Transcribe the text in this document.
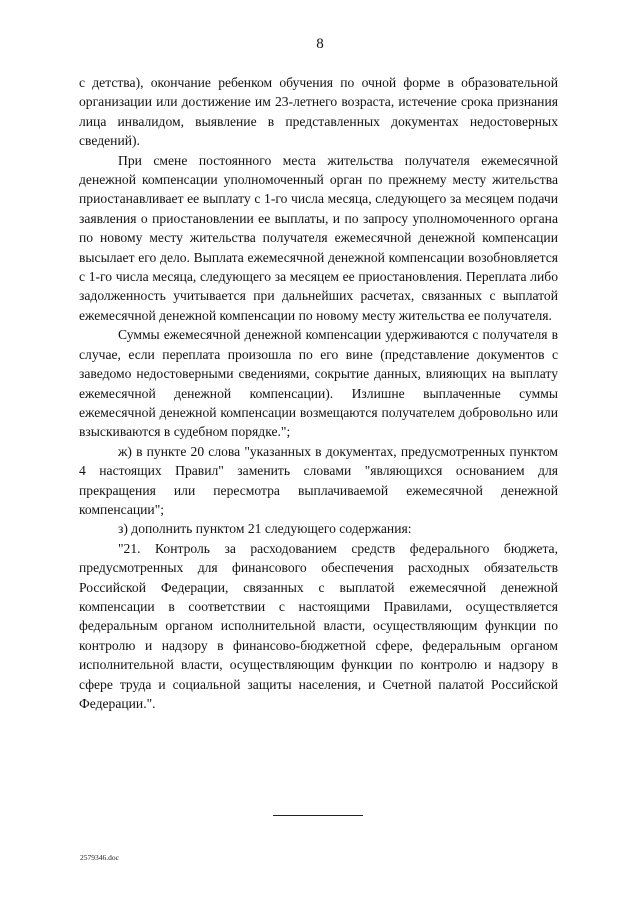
8

с детства), окончание ребенком обучения по очной форме в образовательной организации или достижение им 23-летнего возраста, истечение срока признания лица инвалидом, выявление в представленных документах недостоверных сведений).

При смене постоянного места жительства получателя ежемесячной денежной компенсации уполномоченный орган по прежнему месту жительства приостанавливает ее выплату с 1-го числа месяца, следующего за месяцем подачи заявления о приостановлении ее выплаты, и по запросу уполномоченного органа по новому месту жительства получателя ежемесячной денежной компенсации высылает его дело. Выплата ежемесячной денежной компенсации возобновляется с 1-го числа месяца, следующего за месяцем ее приостановления. Переплата либо задолженность учитывается при дальнейших расчетах, связанных с выплатой ежемесячной денежной компенсации по новому месту жительства ее получателя.

Суммы ежемесячной денежной компенсации удерживаются с получателя в случае, если переплата произошла по его вине (представление документов с заведомо недостоверными сведениями, сокрытие данных, влияющих на выплату ежемесячной денежной компенсации). Излишне выплаченные суммы ежемесячной денежной компенсации возмещаются получателем добровольно или взыскиваются в судебном порядке.";

ж) в пункте 20 слова "указанных в документах, предусмотренных пунктом 4 настоящих Правил" заменить словами "являющихся основанием для прекращения или пересмотра выплачиваемой ежемесячной денежной компенсации";

з) дополнить пунктом 21 следующего содержания:

"21. Контроль за расходованием средств федерального бюджета, предусмотренных для финансового обеспечения расходных обязательств Российской Федерации, связанных с выплатой ежемесячной денежной компенсации в соответствии с настоящими Правилами, осуществляется федеральным органом исполнительной власти, осуществляющим функции по контролю и надзору в финансово-бюджетной сфере, федеральным органом исполнительной власти, осуществляющим функции по контролю и надзору в сфере труда и социальной защиты населения, и Счетной палатой Российской Федерации.".

2579346.doc
